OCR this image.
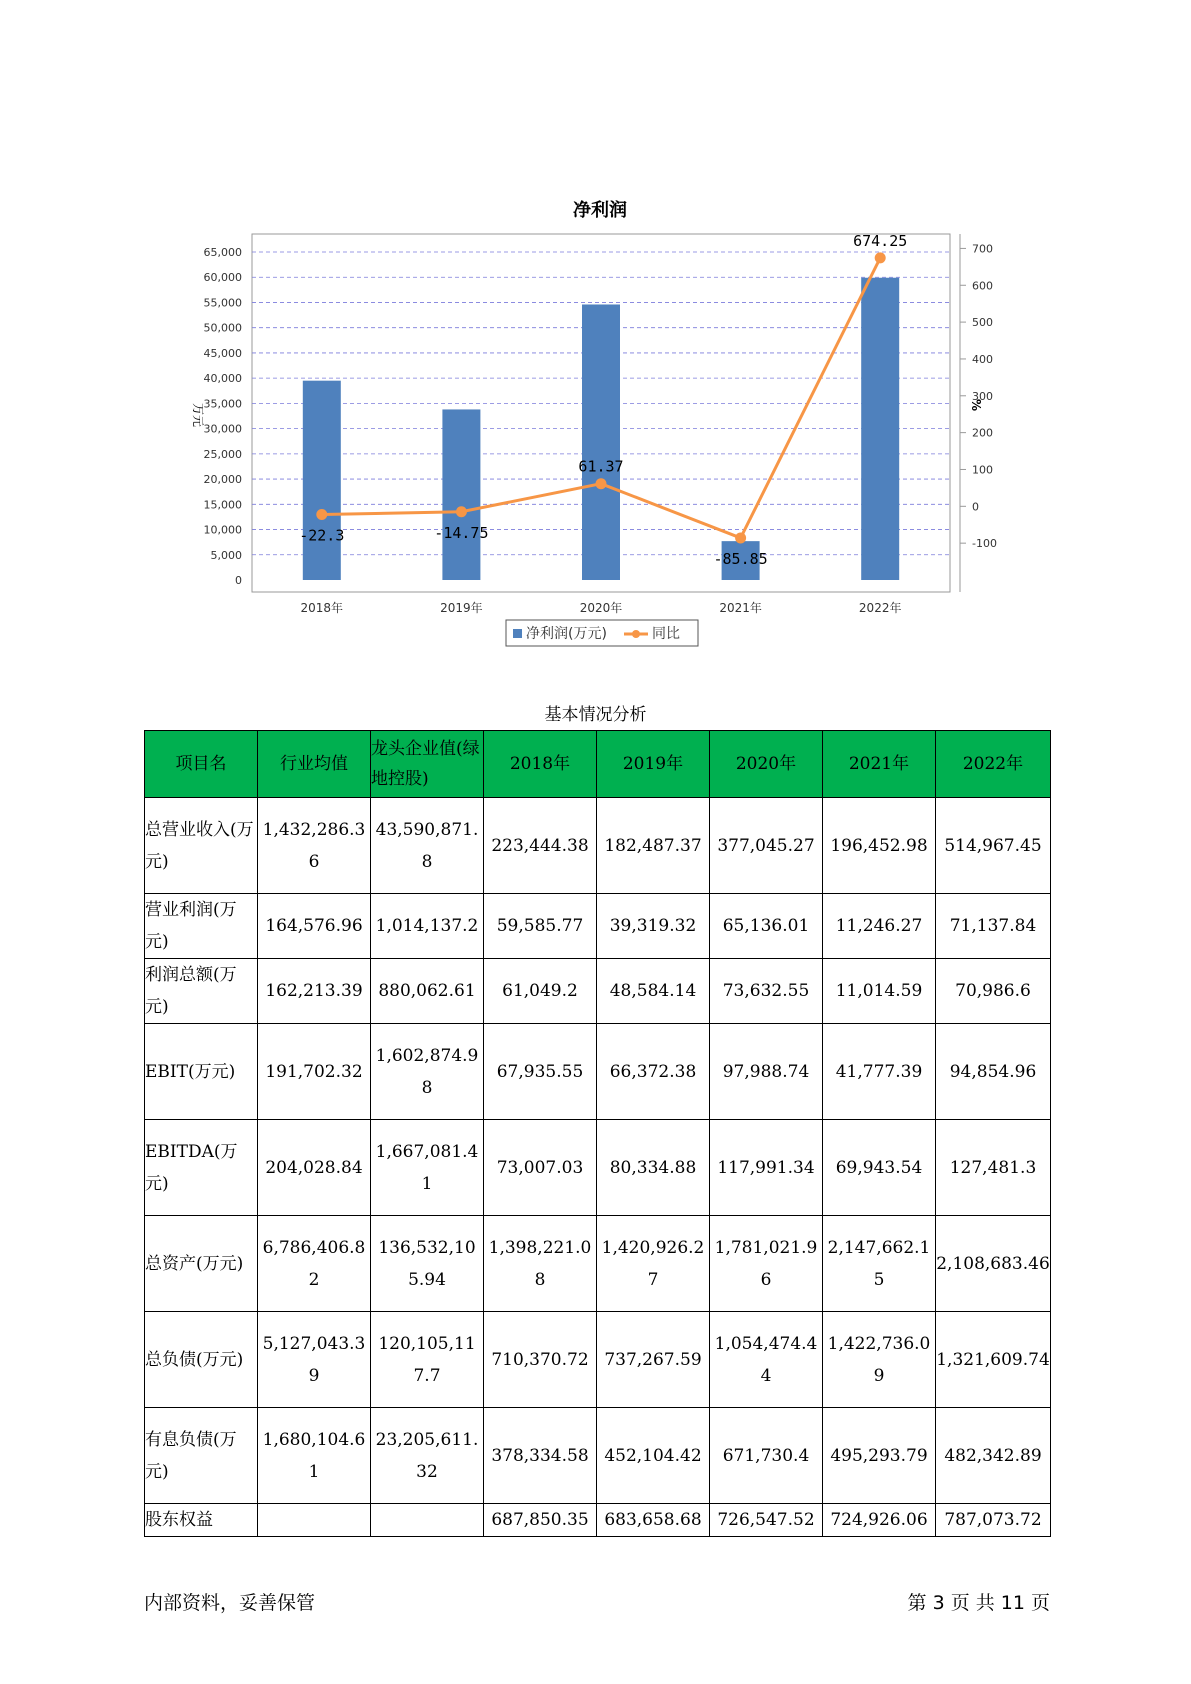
净利润
0
5,000
10,000
15,000
20,000
25,000
30,000
35,000
40,000
45,000
50,000
55,000
60,000
65,000
万元
-100
0
100
200
300
400
500
600
700
%
2018年	2019年	2020年	2021年	2022年
-22.3	-14.75
61.37
-85.85
674.25
净利润(万元)	同比
基本情况分析
项目名	行业均值	龙头企业值(绿地控股)	2018年	2019年	2020年	2021年	2022年
总营业收入(万元)	1,432,286.36	43,590,871.8	223,444.38	182,487.37	377,045.27	196,452.98	514,967.45
营业利润(万元)	164,576.96	1,014,137.2	59,585.77	39,319.32	65,136.01	11,246.27	71,137.84
利润总额(万元)	162,213.39	880,062.61	61,049.2	48,584.14	73,632.55	11,014.59	70,986.6
EBIT(万元)	191,702.32	1,602,874.98	67,935.55	66,372.38	97,988.74	41,777.39	94,854.96
EBITDA(万元)	204,028.84	1,667,081.41	73,007.03	80,334.88	117,991.34	69,943.54	127,481.3
总资产(万元)	6,786,406.82	136,532,105.94	1,398,221.08	1,420,926.27	1,781,021.96	2,147,662.15	2,108,683.46
总负债(万元)	5,127,043.39	120,105,117.7	710,370.72	737,267.59	1,054,474.44	1,422,736.09	1,321,609.74
有息负债(万元)	1,680,104.61	23,205,611.32	378,334.58	452,104.42	671,730.4	495,293.79	482,342.89
股东权益			687,850.35	683,658.68	726,547.52	724,926.06	787,073.72
内部资料，妥善保管	第 3 页 共 11 页
